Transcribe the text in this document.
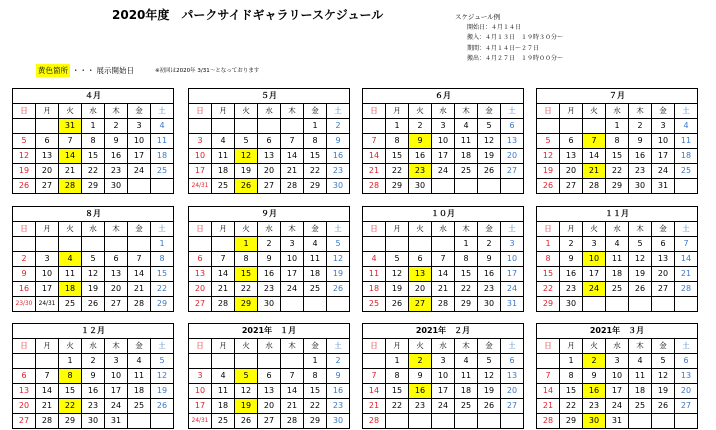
2020年度　パークサイドギャラリースケジュール	スケジュール例
開始日：４月１４日
搬入：４月１３日　１９時３０分～
期間：４月１４日～２７日
搬出：４月２７日　１９時００分～
黄色箇所 ・・・ 展示開始日	※初回は2020年 3/31～となっております
４月						
日	月	火	水	木	金	土
		31	1	2	3	4
5	6	7	8	9	10	11
12	13	14	15	16	17	18
19	20	21	22	23	24	25
26	27	28	29	30		
５月						
日	月	火	水	木	金	土
					1	2
3	4	5	6	7	8	9
10	11	12	13	14	15	16
17	18	19	20	21	22	23
24/31	25	26	27	28	29	30
６月						
日	月	火	水	木	金	土
	1	2	3	4	5	6
7	8	9	10	11	12	13
14	15	16	17	18	19	20
21	22	23	24	25	26	27
28	29	30				
７月						
日	月	火	水	木	金	土
			1	2	3	4
5	6	7	8	9	10	11
12	13	14	15	16	17	18
19	20	21	22	23	24	25
26	27	28	29	30	31	
８月						
日	月	火	水	木	金	土
						1
2	3	4	5	6	7	8
9	10	11	12	13	14	15
16	17	18	19	20	21	22
23/30	24/31	25	26	27	28	29
９月						
日	月	火	水	木	金	土
		1	2	3	4	5
6	7	8	9	10	11	12
13	14	15	16	17	18	19
20	21	22	23	24	25	26
27	28	29	30			
１０月						
日	月	火	水	木	金	土
				1	2	3
4	5	6	7	8	9	10
11	12	13	14	15	16	17
18	19	20	21	22	23	24
25	26	27	28	29	30	31
１１月						
日	月	火	水	木	金	土
1	2	3	4	5	6	7
8	9	10	11	12	13	14
15	16	17	18	19	20	21
22	23	24	25	26	27	28
29	30					
１２月						
日	月	火	水	木	金	土
		1	2	3	4	5
6	7	8	9	10	11	12
13	14	15	16	17	18	19
20	21	22	23	24	25	26
27	28	29	30	31		
2021年　１月						
日	月	火	水	木	金	土
					1	2
3	4	5	6	7	8	9
10	11	12	13	14	15	16
17	18	19	20	21	22	23
24/31	25	26	27	28	29	30
2021年　２月						
日	月	火	水	木	金	土
	1	2	3	4	5	6
7	8	9	10	11	12	13
14	15	16	17	18	19	20
21	22	23	24	25	26	27
28						
2021年　３月						
日	月	火	水	木	金	土
	1	2	3	4	5	6
7	8	9	10	11	12	13
14	15	16	17	18	19	20
21	22	23	24	25	26	27
28	29	30	31			
